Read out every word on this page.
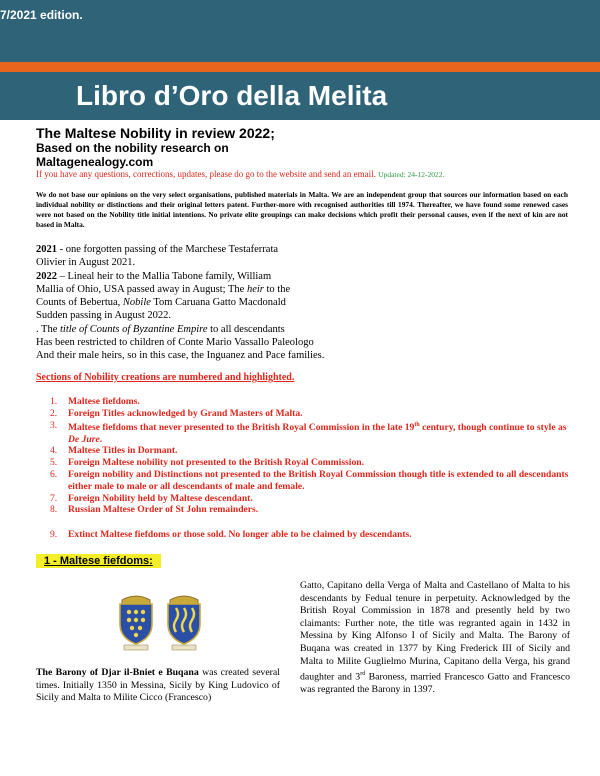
7/2021 edition.
Libro d’Oro della Melita
The Maltese Nobility in review 2022;
Based on the nobility research on
Maltagenealogy.com
If you have any questions, corrections, updates, please do go to the website and send an email. Updated: 24-12-2022.
We do not base our opinions on the very select organisations, published materials in Malta. We are an independent group that sources our information based on each individual nobility or distinctions and their original letters patent. Further-more with recognised authorities till 1974. Thereafter, we have found some renewed cases were not based on the Nobility title initial intentions. No private elite groupings can make decisions which profit their personal causes, even if the next of kin are not based in Malta.
2021 - one forgotten passing of the Marchese Testaferrata
Olivier in August 2021.
2022 – Lineal heir to the Mallia Tabone family, William
Mallia of Ohio, USA passed away in August; The heir to the
Counts of Bebertua, Nobile Tom Caruana Gatto Macdonald
Sudden passing in August 2022.
. The title of Counts of Byzantine Empire to all descendants
Has been restricted to children of Conte Mario Vassallo Paleologo
And their male heirs, so in this case, the Inguanez and Pace families.
Sections of Nobility creations are numbered and highlighted.
1. Maltese fiefdoms.
2. Foreign Titles acknowledged by Grand Masters of Malta.
3. Maltese fiefdoms that never presented to the British Royal Commission in the late 19th century, though continue to style as De Jure.
4. Maltese Titles in Dormant.
5. Foreign Maltese nobility not presented to the British Royal Commission.
6. Foreign nobility and Distinctions not presented to the British Royal Commission though title is extended to all descendants either male to male or all descendants of male and female.
7. Foreign Nobility held by Maltese descendant.
8. Russian Maltese Order of St John remainders.
9. Extinct Maltese fiefdoms or those sold. No longer able to be claimed by descendants.
1 - Maltese fiefdoms:
The Barony of Djar il-Bniet e Buqana was created several times. Initially 1350 in Messina, Sicily by King Ludovico of Sicily and Malta to Milite Cicco (Francesco)
Gatto, Capitano della Verga of Malta and Castellano of Malta to his descendants by Fedual tenure in perpetuity. Acknowledged by the British Royal Commission in 1878 and presently held by two claimants: Further note, the title was regranted again in 1432 in Messina by King Alfonso I of Sicily and Malta. The Barony of Buqana was created in 1377 by King Frederick III of Sicily and Malta to Milite Guglielmo Murina, Capitano della Verga, his grand daughter and 3rd Baroness, married Francesco Gatto and Francesco was regranted the Barony in 1397.
